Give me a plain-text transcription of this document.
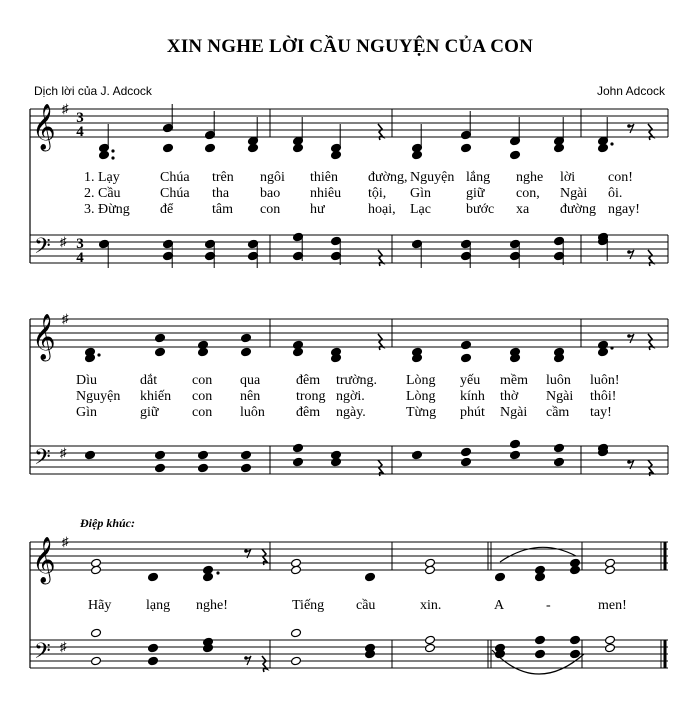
XIN NGHE LỜI CẦU NGUYỆN CỦA CON
Dịch lời của J. Adcock	John Adcock
𝄞
𝄢
♯
♯
3
4
3
4
1. Lạy	Chúa trên ngôi thiên đường, Nguyện lắng nghe lời con!
2. Cầu	Chúa tha bao nhiêu tội, Gìn	giữ con, Ngài ôi.
3. Đừng để	tâm con hư	hoại, Lạc	bước xa đường ngay!
𝄞
𝄢
♯
♯
Dìu	dắt con qua	đêm trường. Lòng yếu mềm luôn luôn!
Nguyện khiến con nên	trong ngời.	Lòng kính thờ Ngài thôi!
Gìn	giữ con luôn đêm ngày.	Từng phút Ngài cầm tay!
𝄞
𝄢
♯
♯
Điệp khúc:
Hãy lạng nghe!	Tiếng cầu	xin.	A	-	men!
